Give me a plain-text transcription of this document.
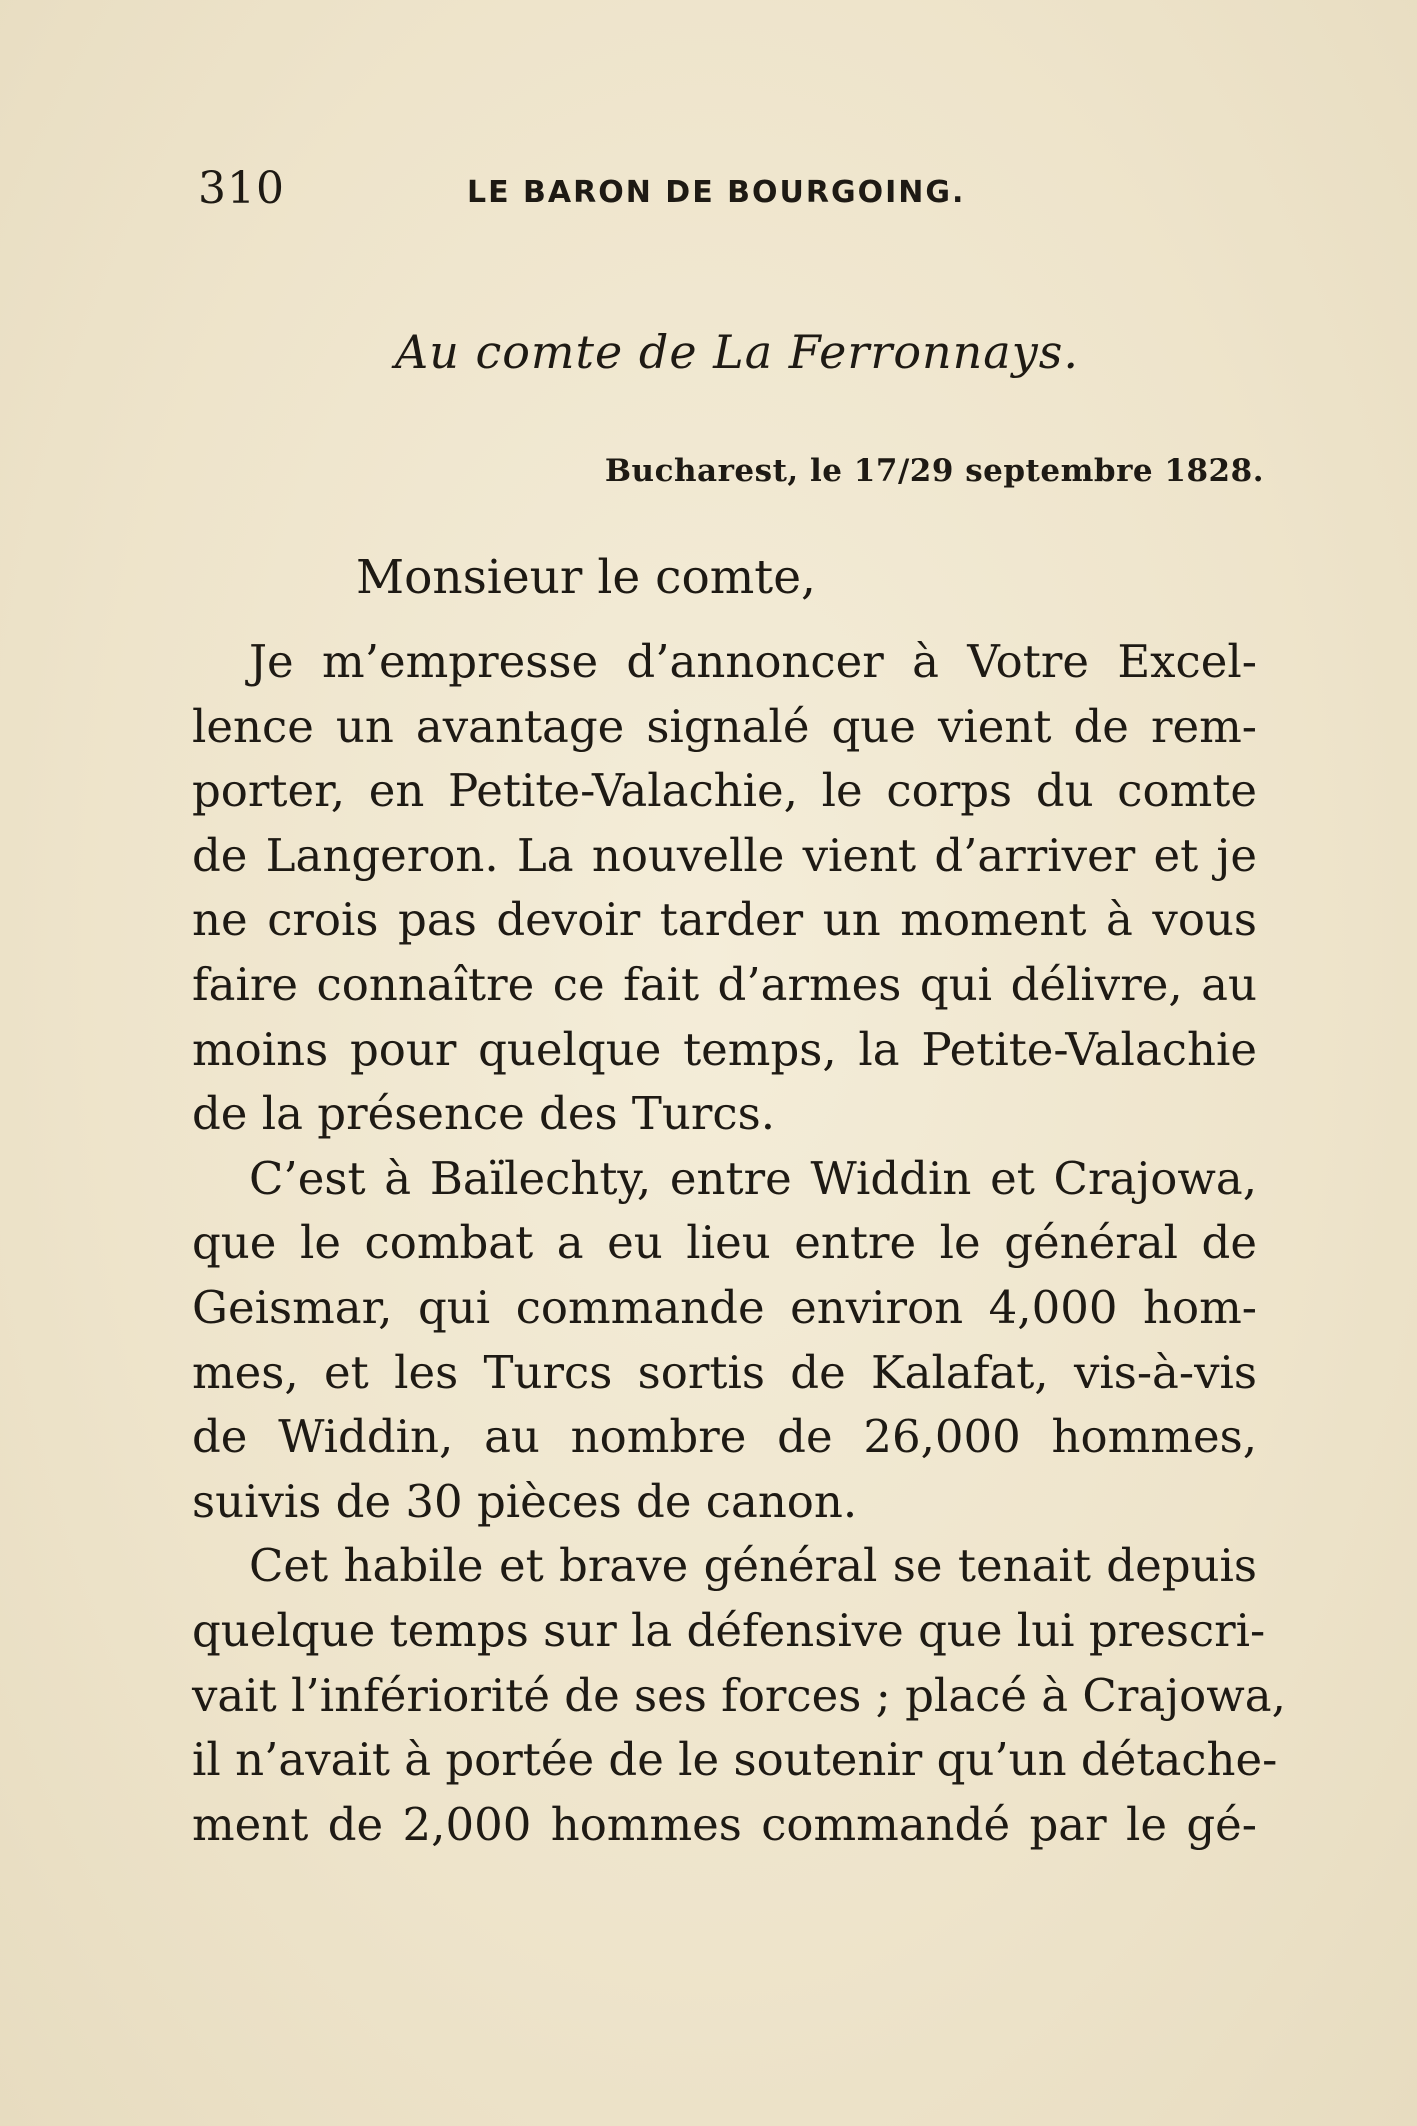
310	LE BARON DE BOURGOING.
Au comte de La Ferronnays.
Bucharest, le 17/29 septembre 1828.
Monsieur le comte,
Je m’empresse d’annoncer à Votre Excel-
lence un avantage signalé que vient de rem-
porter, en Petite-Valachie, le corps du comte
de Langeron. La nouvelle vient d’arriver et je
ne crois pas devoir tarder un moment à vous
faire connaître ce fait d’armes qui délivre, au
moins pour quelque temps, la Petite-Valachie
de la présence des Turcs.
C’est à Baïlechty, entre Widdin et Crajowa,
que le combat a eu lieu entre le général de
Geismar, qui commande environ 4,000 hom-
mes, et les Turcs sortis de Kalafat, vis-à-vis
de Widdin, au nombre de 26,000 hommes,
suivis de 30 pièces de canon.
Cet habile et brave général se tenait depuis
quelque temps sur la défensive que lui prescri-
vait l’infériorité de ses forces ; placé à Crajowa,
il n’avait à portée de le soutenir qu’un détache-
ment de 2,000 hommes commandé par le gé-
